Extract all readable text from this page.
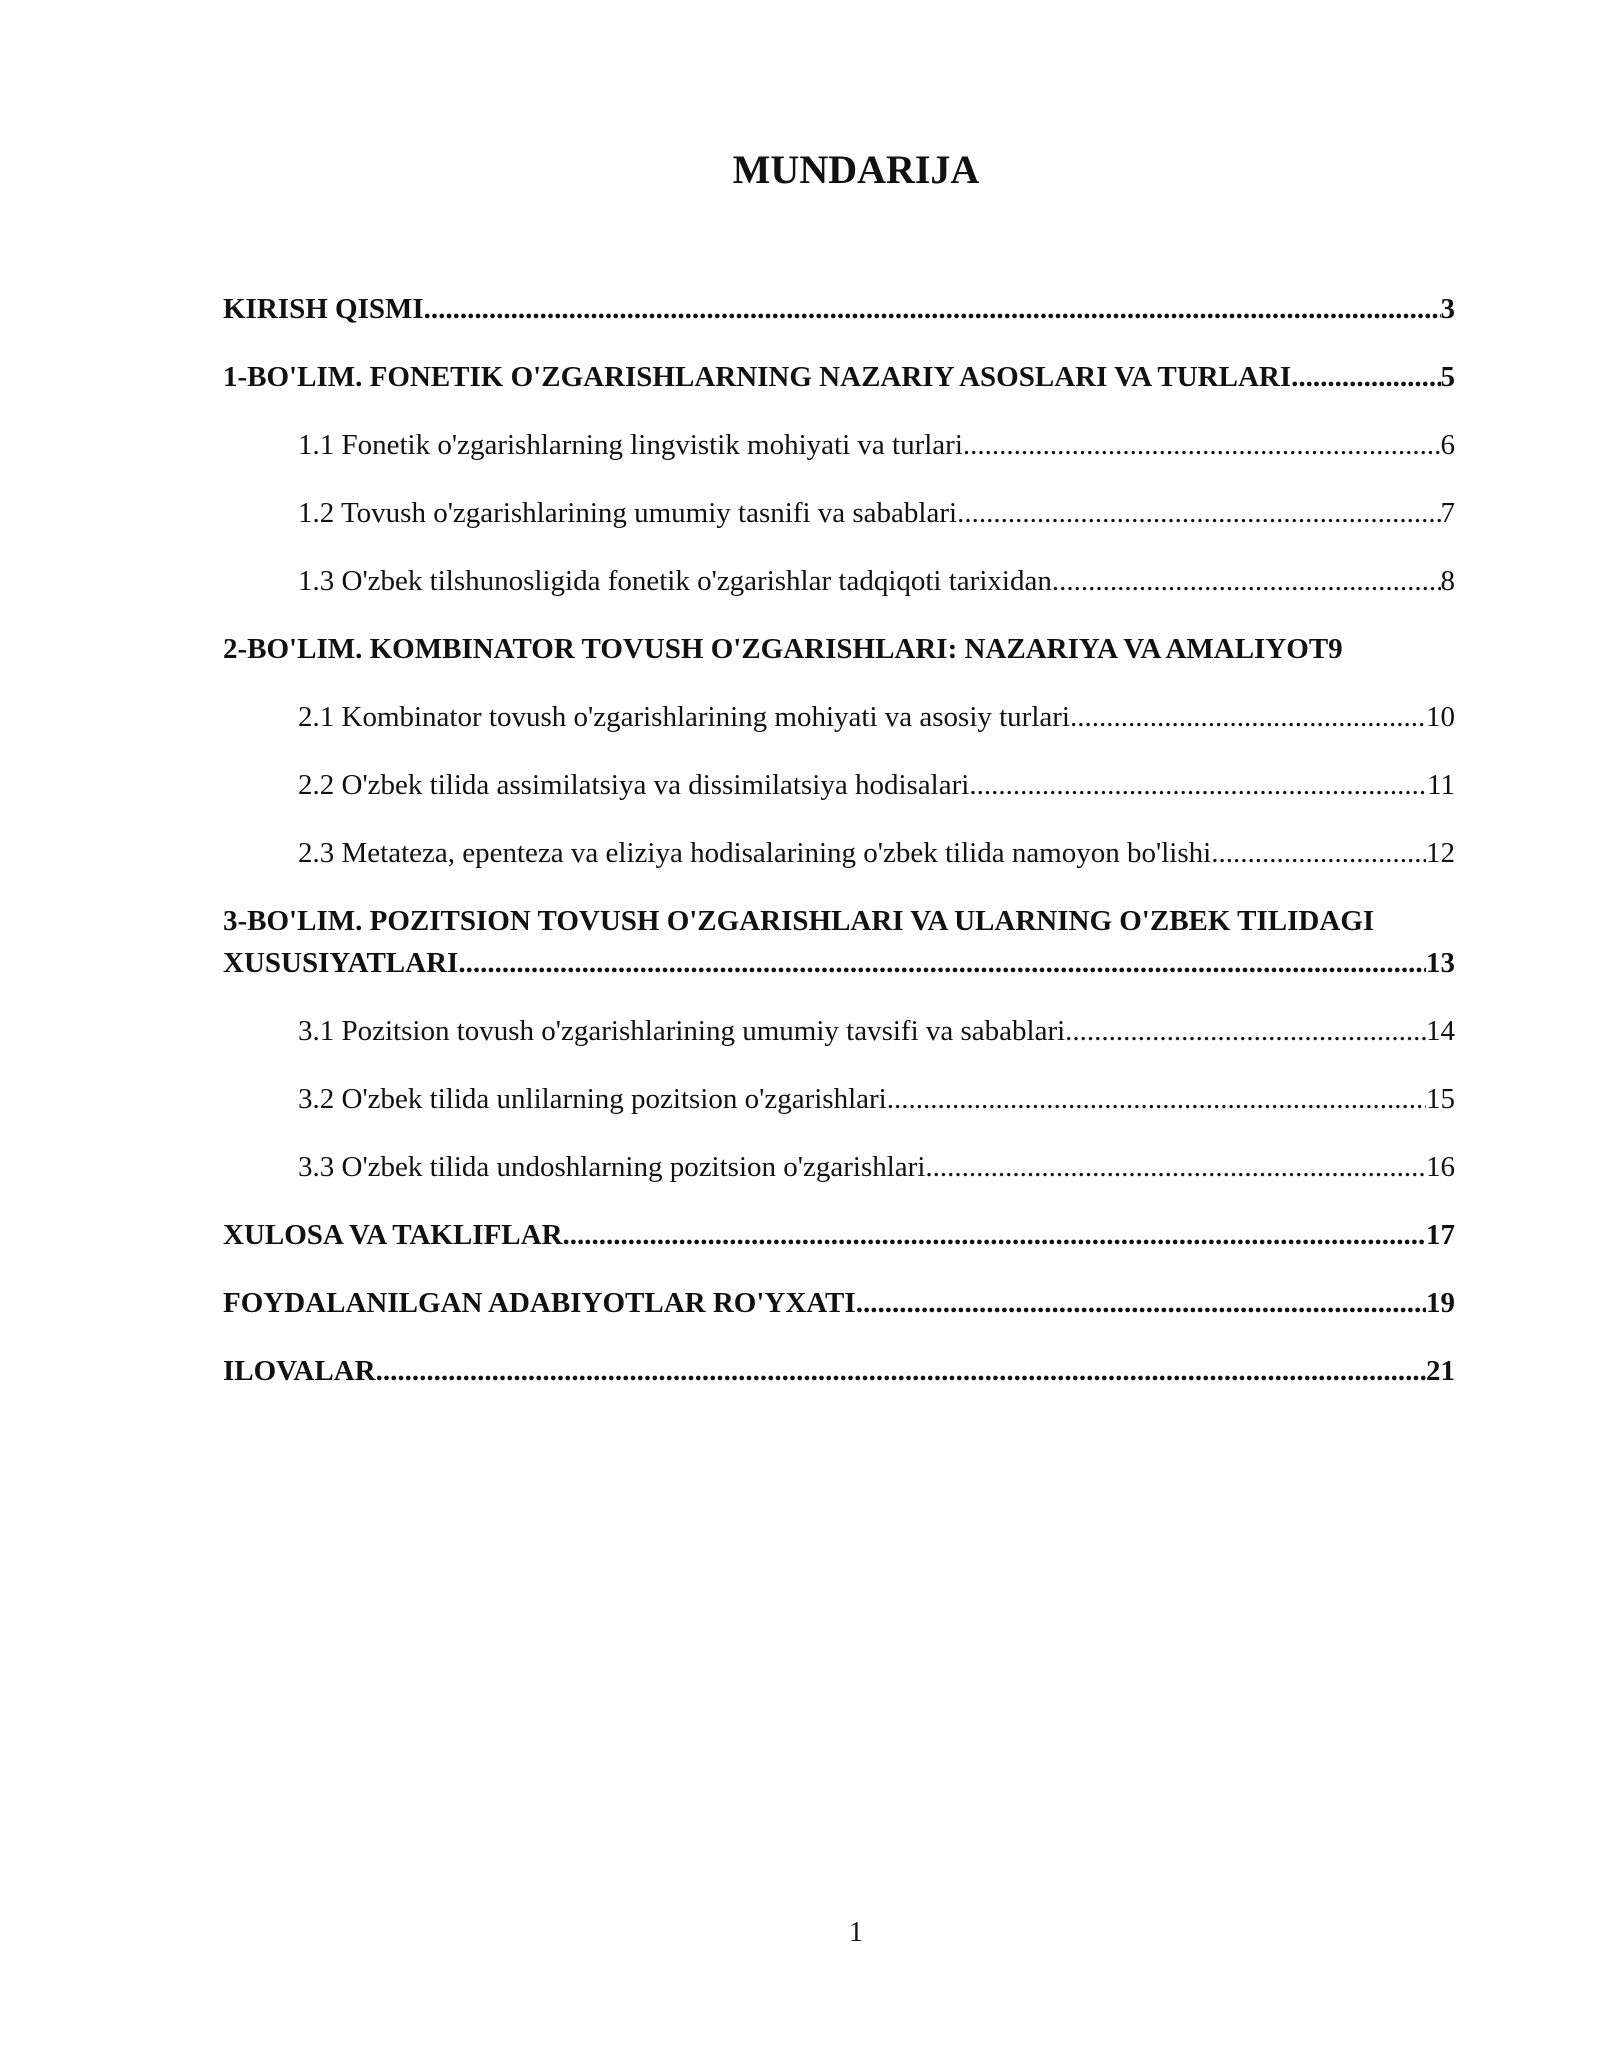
MUNDARIJA
KIRISH QISMI .....	3
1-BO'LIM. FONETIK O'ZGARISHLARNING NAZARIY ASOSLARI VA TURLARI .....	5
1.1 Fonetik o'zgarishlarning lingvistik mohiyati va turlari .....	6
1.2 Tovush o'zgarishlarining umumiy tasnifi va sabablari .....	7
1.3 O'zbek tilshunosligida fonetik o'zgarishlar tadqiqoti tarixidan .....	8
2-BO'LIM. KOMBINATOR TOVUSH O'ZGARISHLARI: NAZARIYA VA AMALIYOT 9
2.1 Kombinator tovush o'zgarishlarining mohiyati va asosiy turlari .....	10
2.2 O'zbek tilida assimilatsiya va dissimilatsiya hodisalari .....	11
2.3 Metateza, epenteza va eliziya hodisalarining o'zbek tilida namoyon bo'lishi .....	12
3-BO'LIM. POZITSION TOVUSH O'ZGARISHLARI VA ULARNING O'ZBEK TILIDAGI
XUSUSIYATLARI .....	13
3.1 Pozitsion tovush o'zgarishlarining umumiy tavsifi va sabablari .....	14
3.2 O'zbek tilida unlilarning pozitsion o'zgarishlari .....	15
3.3 O'zbek tilida undoshlarning pozitsion o'zgarishlari .....	16
XULOSA VA TAKLIFLAR .....	17
FOYDALANILGAN ADABIYOTLAR RO'YXATI .....	19
ILOVALAR .....	21
1
